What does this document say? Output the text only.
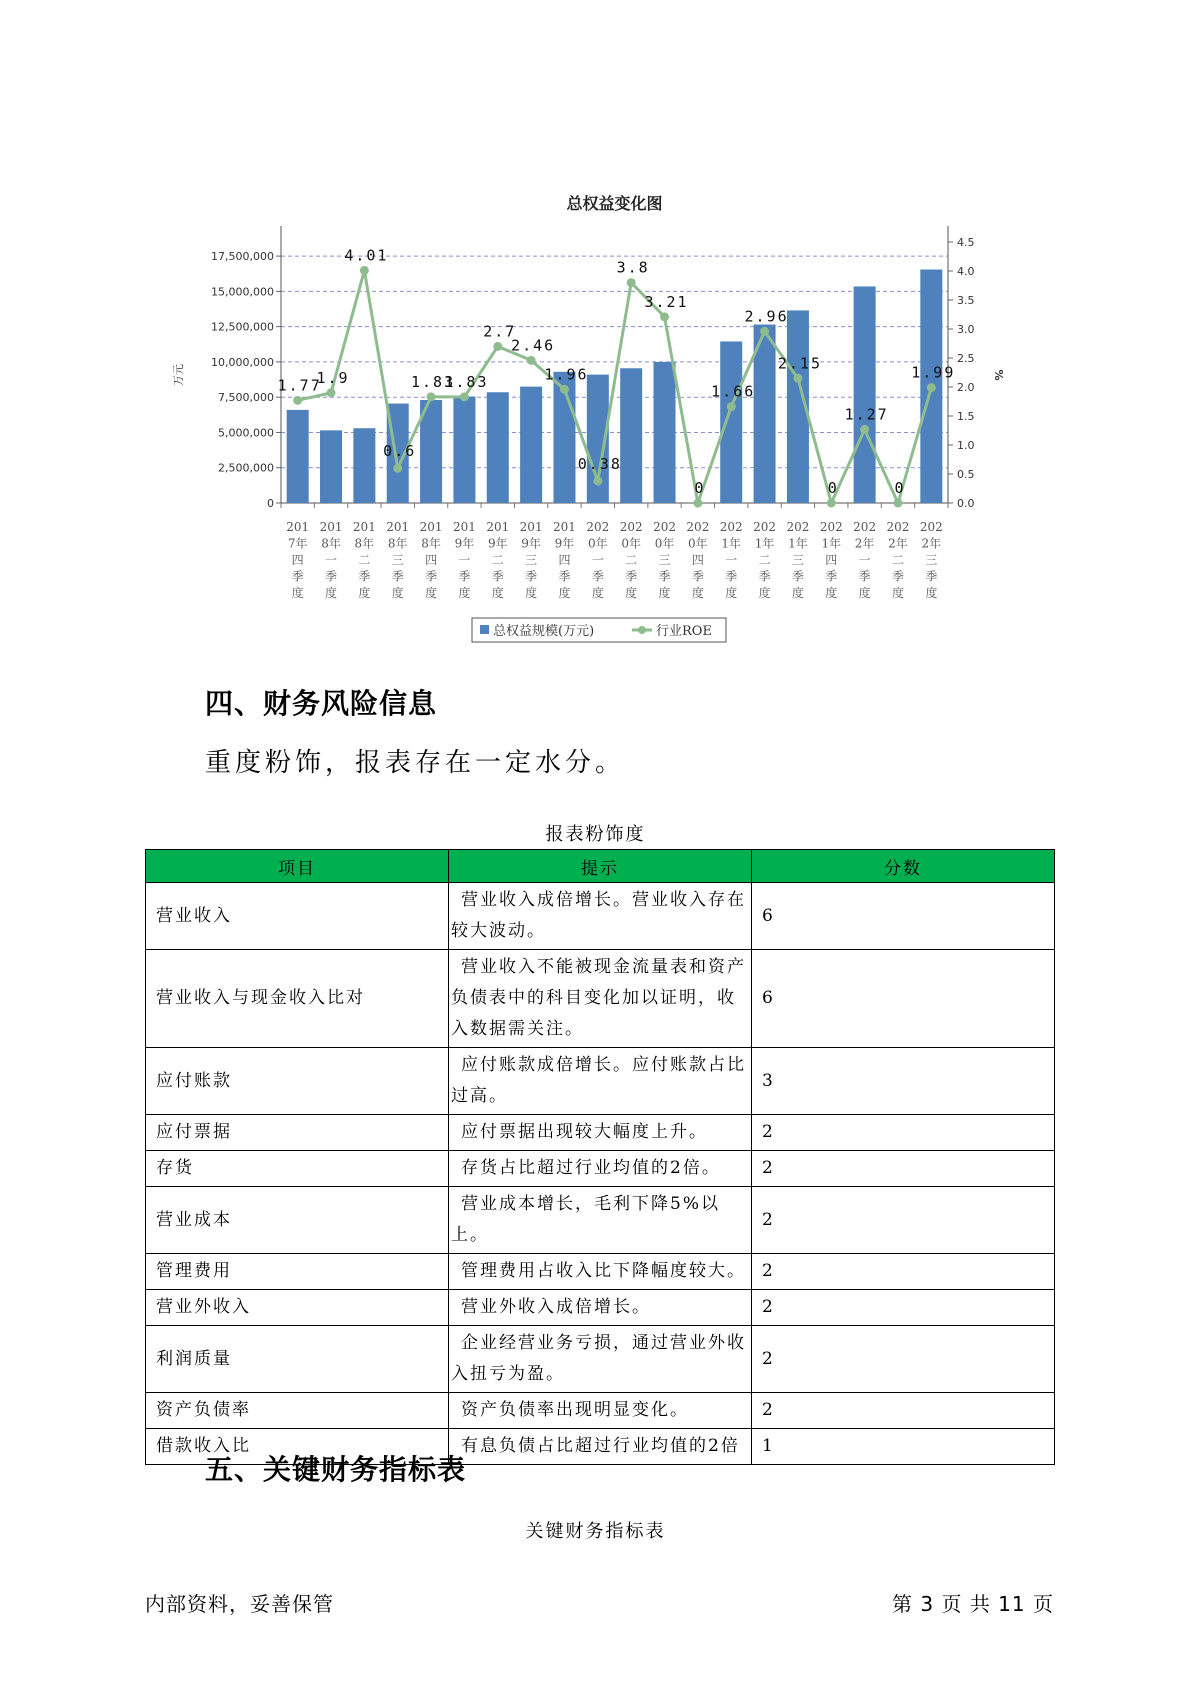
总权益变化图
0
2,500,000
5,000,000
7,500,000
10,000,000
12,500,000
15,000,000
17,500,000
0.0
0.5
1.0
1.5
2.0
2.5
3.0
3.5
4.0
4.5
万元	%
201
7年
四
季
度
201
8年
一
季
度
201
8年
二
季
度
201
8年
三
季
度
201
8年
四
季
度
201
9年
一
季
度
201
9年
二
季
度
201
9年
三
季
度
201
9年
四
季
度
202
0年
一
季
度
202
0年
二
季
度
202
0年
三
季
度
202
0年
四
季
度
202
1年
一
季
度
202
1年
二
季
度
202
1年
三
季
度
202
1年
四
季
度
202
2年
一
季
度
202
2年
二
季
度
202
2年
三
季
度
1.77
1.9
4.01
0.6
1.83
1.83
2.7
2.46
1.96
0.38
3.8
3.21
0
1.66
2.96
2.15
0
1.27
0
1.99
总权益规模(万元)	行业ROE
四、财务风险信息
重度粉饰，报表存在一定水分。
报表粉饰度
项目	提示	分数
营业收入	营业收入成倍增长。营业收入存在较大波动。	6
营业收入与现金收入比对	营业收入不能被现金流量表和资产负债表中的科目变化加以证明，收入数据需关注。	6
应付账款	应付账款成倍增长。应付账款占比过高。	3
应付票据	应付票据出现较大幅度上升。	2
存货	存货占比超过行业均值的2倍。	2
营业成本	营业成本增长，毛利下降5%以上。	2
管理费用	管理费用占收入比下降幅度较大。	2
营业外收入	营业外收入成倍增长。	2
利润质量	企业经营业务亏损，通过营业外收入扭亏为盈。	2
资产负债率	资产负债率出现明显变化。	2
借款收入比	有息负债占比超过行业均值的2倍	1
五、关键财务指标表
关键财务指标表
内部资料，妥善保管	第 3 页 共 11 页
